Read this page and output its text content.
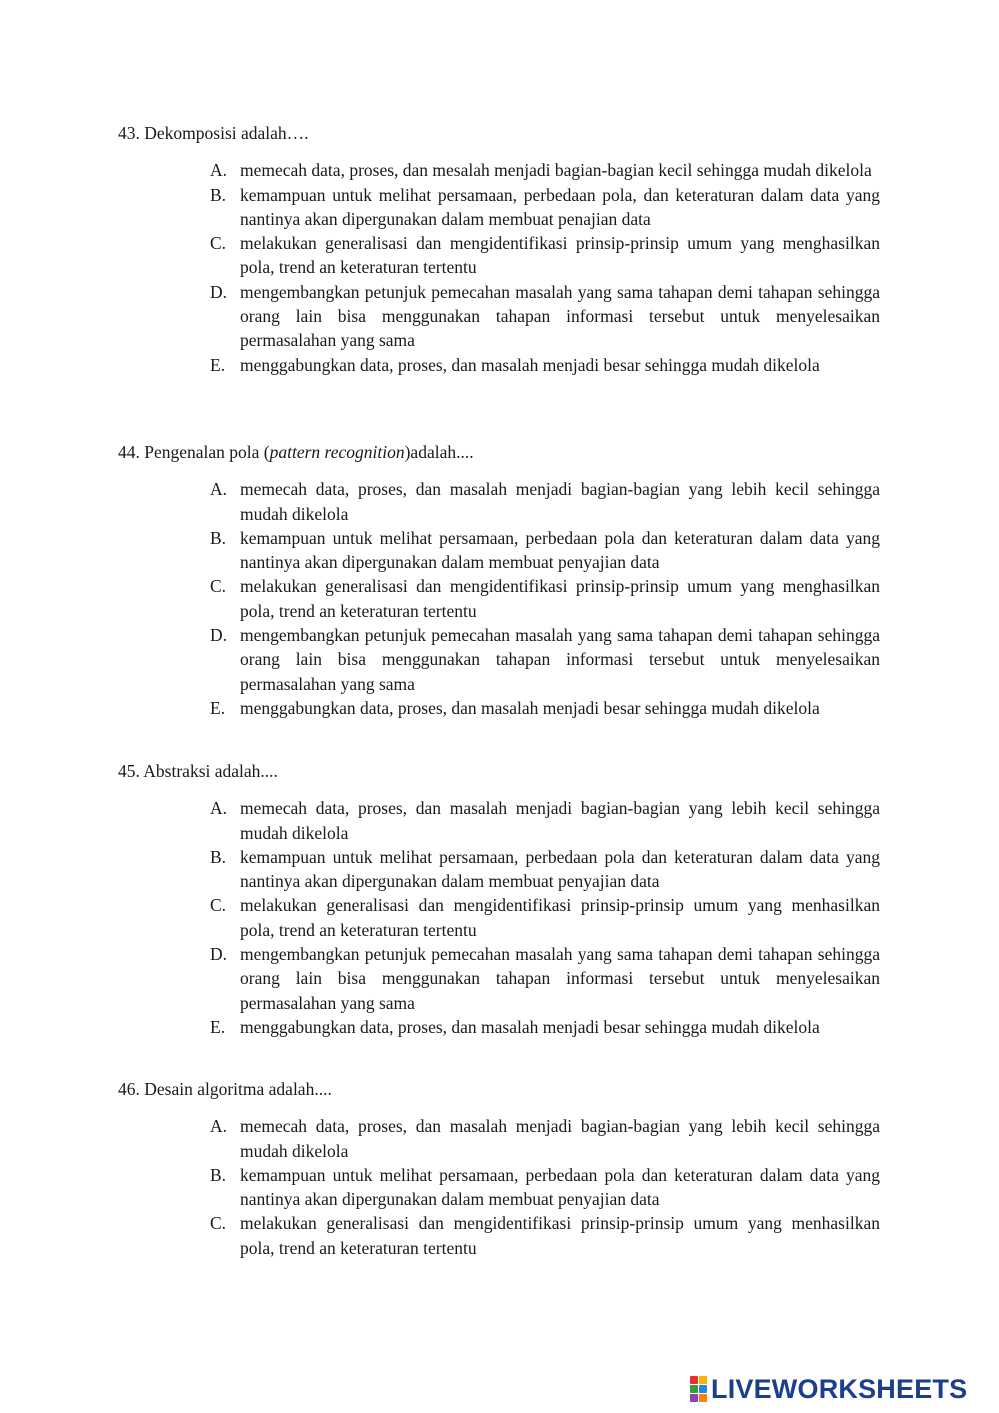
43. Dekomposisi adalah….

A. memecah data, proses, dan mesalah menjadi bagian-bagian kecil sehingga mudah dikelola
B. kemampuan untuk melihat persamaan, perbedaan pola, dan keteraturan dalam data yang nantinya akan dipergunakan dalam membuat penajian data
C. melakukan generalisasi dan mengidentifikasi prinsip-prinsip umum yang menghasilkan pola, trend an keteraturan tertentu
D. mengembangkan petunjuk pemecahan masalah yang sama tahapan demi tahapan sehingga orang lain bisa menggunakan tahapan informasi tersebut untuk menyelesaikan permasalahan yang sama
E. menggabungkan data, proses, dan masalah menjadi besar sehingga mudah dikelola

44. Pengenalan pola (pattern recognition)adalah....

A. memecah data, proses, dan masalah menjadi bagian-bagian yang lebih kecil sehingga mudah dikelola
B. kemampuan untuk melihat persamaan, perbedaan pola dan keteraturan dalam data yang nantinya akan dipergunakan dalam membuat penyajian data
C. melakukan generalisasi dan mengidentifikasi prinsip-prinsip umum yang menghasilkan pola, trend an keteraturan tertentu
D. mengembangkan petunjuk pemecahan masalah yang sama tahapan demi tahapan sehingga orang lain bisa menggunakan tahapan informasi tersebut untuk menyelesaikan permasalahan yang sama
E. menggabungkan data, proses, dan masalah menjadi besar sehingga mudah dikelola

45. Abstraksi adalah....

A. memecah data, proses, dan masalah menjadi bagian-bagian yang lebih kecil sehingga mudah dikelola
B. kemampuan untuk melihat persamaan, perbedaan pola dan keteraturan dalam data yang nantinya akan dipergunakan dalam membuat penyajian data
C. melakukan generalisasi dan mengidentifikasi prinsip-prinsip umum yang menhasilkan pola, trend an keteraturan tertentu
D. mengembangkan petunjuk pemecahan masalah yang sama tahapan demi tahapan sehingga orang lain bisa menggunakan tahapan informasi tersebut untuk menyelesaikan permasalahan yang sama
E. menggabungkan data, proses, dan masalah menjadi besar sehingga mudah dikelola

46. Desain algoritma adalah....

A. memecah data, proses, dan masalah menjadi bagian-bagian yang lebih kecil sehingga mudah dikelola
B. kemampuan untuk melihat persamaan, perbedaan pola dan keteraturan dalam data yang nantinya akan dipergunakan dalam membuat penyajian data
C. melakukan generalisasi dan mengidentifikasi prinsip-prinsip umum yang menhasilkan pola, trend an keteraturan tertentu
LIVEWORKSHEETS
